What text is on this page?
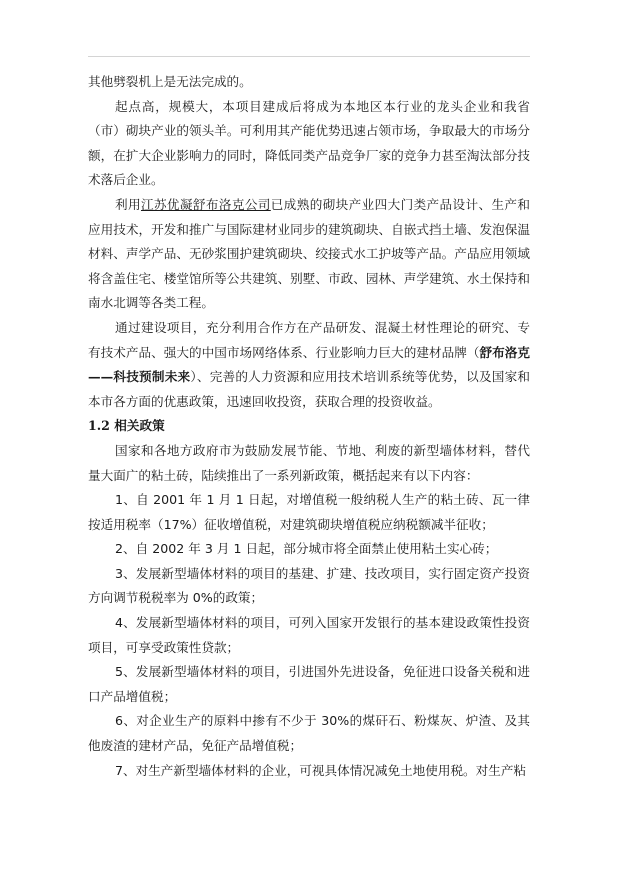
其他劈裂机上是无法完成的。

起点高，规模大，本项目建成后将成为本地区本行业的龙头企业和我省（市）砌块产业的领头羊。可利用其产能优势迅速占领市场，争取最大的市场分额，在扩大企业影响力的同时，降低同类产品竞争厂家的竞争力甚至淘汰部分技术落后企业。

利用江苏优凝舒布洛克公司已成熟的砌块产业四大门类产品设计、生产和应用技术，开发和推广与国际建材业同步的建筑砌块、自嵌式挡土墙、发泡保温材料、声学产品、无砂浆围护建筑砌块、绞接式水工护坡等产品。产品应用领域将含盖住宅、楼堂馆所等公共建筑、别墅、市政、园林、声学建筑、水土保持和南水北调等各类工程。

通过建设项目，充分利用合作方在产品研发、混凝土材性理论的研究、专有技术产品、强大的中国市场网络体系、行业影响力巨大的建材品牌（舒布洛克——科技预制未来）、完善的人力资源和应用技术培训系统等优势，以及国家和本市各方面的优惠政策，迅速回收投资，获取合理的投资收益。

1.2 相关政策

国家和各地方政府市为鼓励发展节能、节地、利废的新型墙体材料，替代量大面广的粘土砖，陆续推出了一系列新政策，概括起来有以下内容：

1、自 2001 年 1 月 1 日起，对增值税一般纳税人生产的粘土砖、瓦一律按适用税率（17%）征收增值税，对建筑砌块增值税应纳税额减半征收；

2、自 2002 年 3 月 1 日起，部分城市将全面禁止使用粘土实心砖；

3、发展新型墙体材料的项目的基建、扩建、技改项目，实行固定资产投资方向调节税税率为 0%的政策；

4、发展新型墙体材料的项目，可列入国家开发银行的基本建设政策性投资项目，可享受政策性贷款；

5、发展新型墙体材料的项目，引进国外先进设备，免征进口设备关税和进口产品增值税；

6、对企业生产的原料中掺有不少于 30%的煤矸石、粉煤灰、炉渣、及其他废渣的建材产品，免征产品增值税；

7、对生产新型墙体材料的企业，可视具体情况减免土地使用税。对生产粘
